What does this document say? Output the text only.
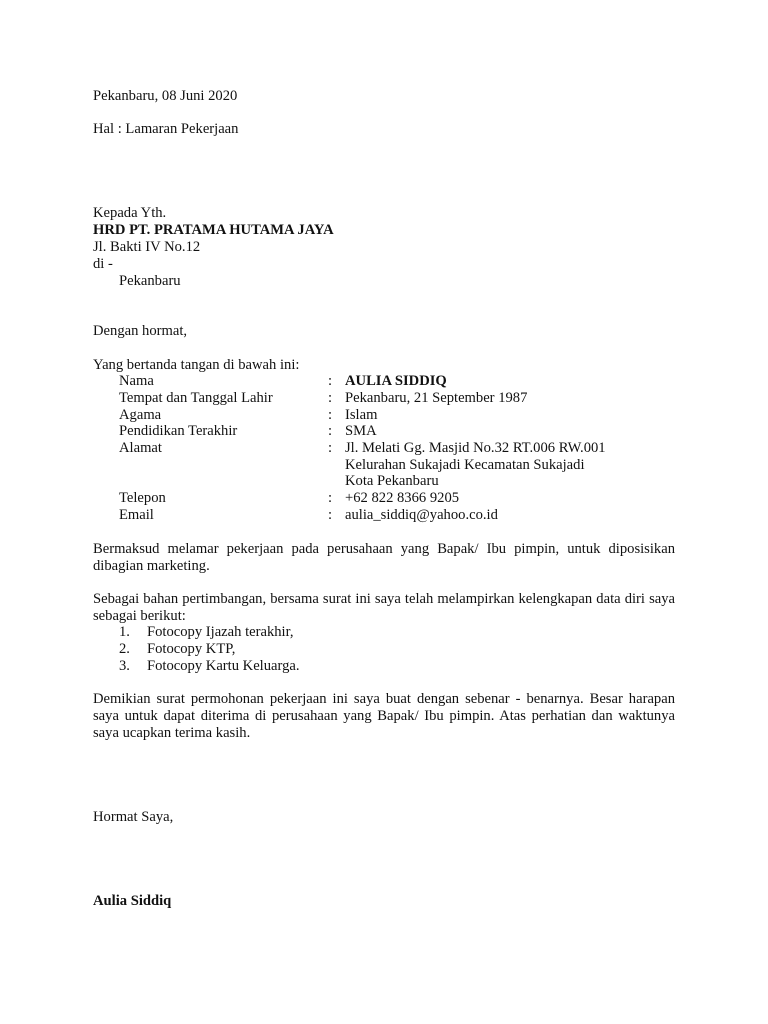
Pekanbaru, 08 Juni 2020
Hal : Lamaran Pekerjaan
Kepada Yth.
HRD PT. PRATAMA HUTAMA JAYA
Jl. Bakti IV No.12
di -
Pekanbaru
Dengan hormat,
Yang bertanda tangan di bawah ini:
Nama	: AULIA SIDDIQ
Tempat dan Tanggal Lahir	: Pekanbaru, 21 September 1987
Agama	: Islam
Pendidikan Terakhir	: SMA
Alamat	: Jl. Melati Gg. Masjid No.32 RT.006 RW.001
Kelurahan Sukajadi Kecamatan Sukajadi
Kota Pekanbaru
Telepon	: +62 822 8366 9205
Email	: aulia_siddiq@yahoo.co.id
Bermaksud melamar pekerjaan pada perusahaan yang Bapak/ Ibu pimpin, untuk diposisikan dibagian marketing.
Sebagai bahan pertimbangan, bersama surat ini saya telah melampirkan kelengkapan data diri saya sebagai berikut:
1. Fotocopy Ijazah terakhir,
2. Fotocopy KTP,
3. Fotocopy Kartu Keluarga.
Demikian surat permohonan pekerjaan ini saya buat dengan sebenar - benarnya. Besar harapan saya untuk dapat diterima di perusahaan yang Bapak/ Ibu pimpin. Atas perhatian dan waktunya saya ucapkan terima kasih.
Hormat Saya,
Aulia Siddiq
